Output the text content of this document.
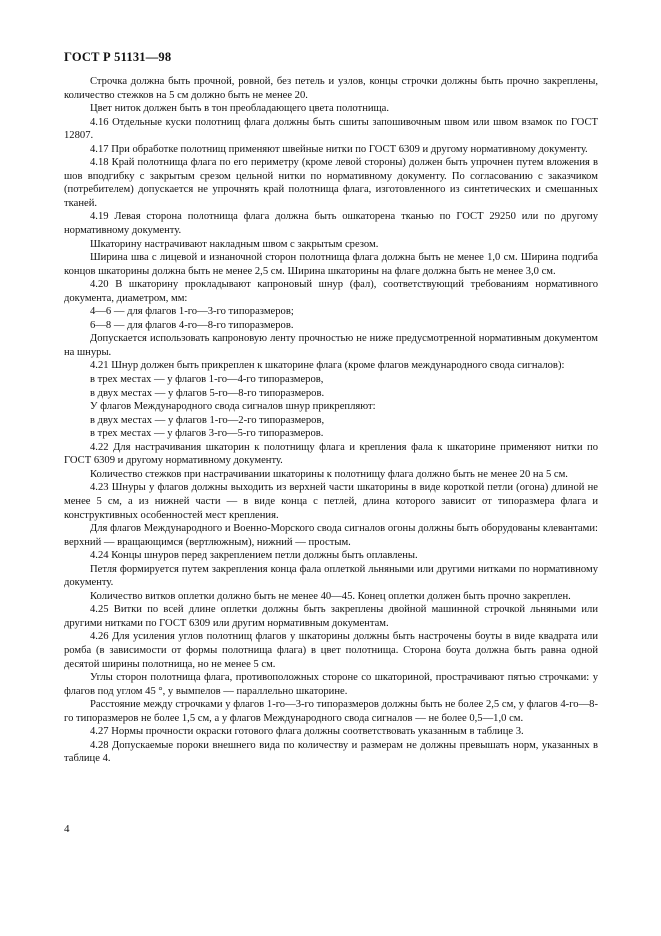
ГОСТ Р 51131—98

Строчка должна быть прочной, ровной, без петель и узлов, концы строчки должны быть прочно закреплены, количество стежков на 5 см должно быть не менее 20.

Цвет ниток должен быть в тон преобладающего цвета полотнища.

4.16 Отдельные куски полотнищ флага должны быть сшиты запошивочным швом или швом взамок по ГОСТ 12807.

4.17 При обработке полотнищ применяют швейные нитки по ГОСТ 6309 и другому нормативному документу.

4.18 Край полотнища флага по его периметру (кроме левой стороны) должен быть упрочнен путем вложения в шов вподгибку с закрытым срезом цельной нитки по нормативному документу. По согласованию с заказчиком (потребителем) допускается не упрочнять край полотнища флага, изготовленного из синтетических и смешанных тканей.

4.19 Левая сторона полотнища флага должна быть ошкаторена тканью по ГОСТ 29250 или по другому нормативному документу.

Шкаторину настрачивают накладным швом с закрытым срезом.

Ширина шва с лицевой и изнаночной сторон полотнища флага должна быть не менее 1,0 см. Ширина подгиба концов шкаторины должна быть не менее 2,5 см. Ширина шкаторины на флаге должна быть не менее 3,0 см.

4.20 В шкаторину прокладывают капроновый шнур (фал), соответствующий требованиям нормативного документа, диаметром, мм:

4—6 — для флагов 1-го—3-го типоразмеров;

6—8 — для флагов 4-го—8-го типоразмеров.

Допускается использовать капроновую ленту прочностью не ниже предусмотренной нормативным документом на шнуры.

4.21 Шнур должен быть прикреплен к шкаторине флага (кроме флагов международного свода сигналов):

в трех местах — у флагов 1-го—4-го типоразмеров,

в двух местах — у флагов 5-го—8-го типоразмеров.

У флагов Международного свода сигналов шнур прикрепляют:

в двух местах — у флагов 1-го—2-го типоразмеров,

в трех местах — у флагов 3-го—5-го типоразмеров.

4.22 Для настрачивания шкаторин к полотнищу флага и крепления фала к шкаторине применяют нитки по ГОСТ 6309 и другому нормативному документу.

Количество стежков при настрачивании шкаторины к полотнищу флага должно быть не менее 20 на 5 см.

4.23 Шнуры у флагов должны выходить из верхней части шкаторины в виде короткой петли (огона) длиной не менее 5 см, а из нижней части — в виде конца с петлей, длина которого зависит от типоразмера флага и конструктивных особенностей мест крепления.

Для флагов Международного и Военно-Морского свода сигналов огоны должны быть оборудованы клевантами: верхний — вращающимся (вертлюжным), нижний — простым.

4.24 Концы шнуров перед закреплением петли должны быть оплавлены.

Петля формируется путем закрепления конца фала оплеткой льняными или другими нитками по нормативному документу.

Количество витков оплетки должно быть не менее 40—45. Конец оплетки должен быть прочно закреплен.

4.25 Витки по всей длине оплетки должны быть закреплены двойной машинной строчкой льняными или другими нитками по ГОСТ 6309 или другим нормативным документам.

4.26 Для усиления углов полотнищ флагов у шкаторины должны быть настрочены боуты в виде квадрата или ромба (в зависимости от формы полотнища флага) в цвет полотнища. Сторона боута должна быть равна одной десятой ширины полотнища, но не менее 5 см.

Углы сторон полотнища флага, противоположных стороне со шкаториной, прострачивают пятью строчками: у флагов под углом 45 °, у вымпелов — параллельно шкаторине.

Расстояние между строчками у флагов 1-го—3-го типоразмеров должны быть не более 2,5 см, у флагов 4-го—8-го типоразмеров не более 1,5 см, а у флагов Международного свода сигналов — не более 0,5—1,0 см.

4.27 Нормы прочности окраски готового флага должны соответствовать указанным в таблице 3.

4.28 Допускаемые пороки внешнего вида по количеству и размерам не должны превышать норм, указанных в таблице 4.

4
